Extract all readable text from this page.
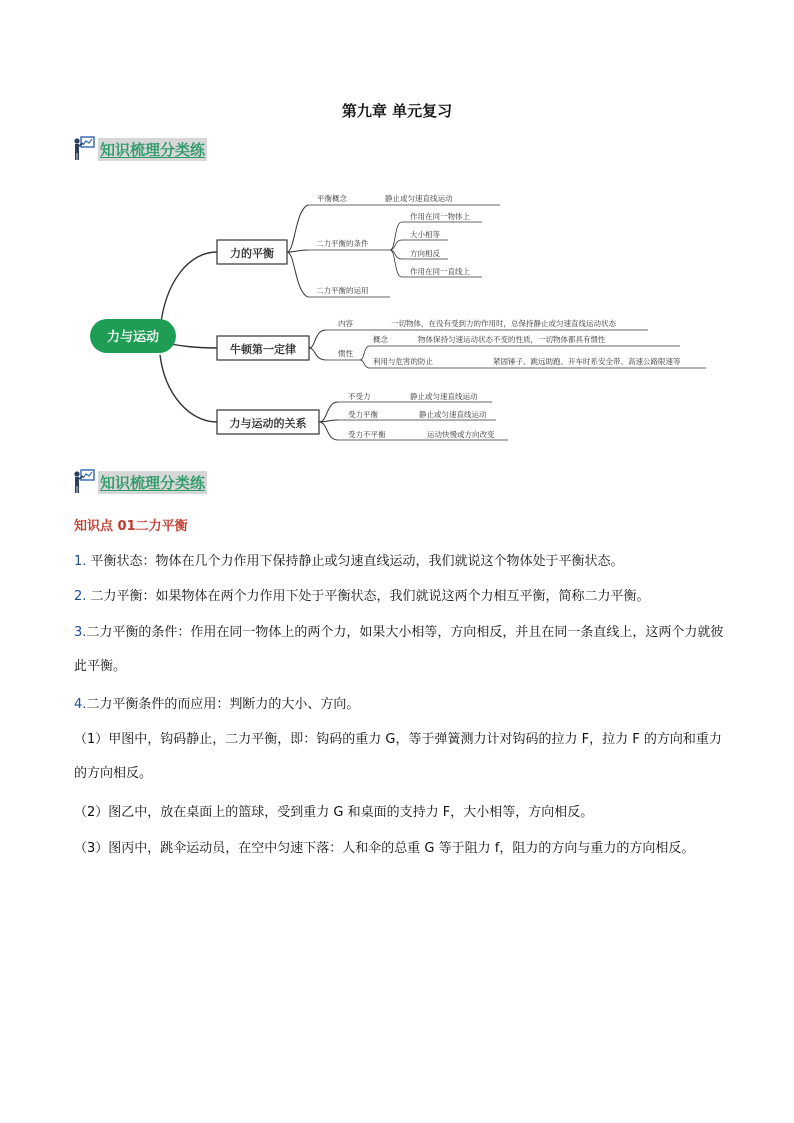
第九章 单元复习
知识梳理分类练
力与运动
力的平衡
平衡概念	静止或匀速直线运动
二力平衡的条件
作用在同一物体上
大小相等
方向相反
作用在同一直线上
二力平衡的运用
牛顿第一定律
内容	一切物体，在没有受到力的作用时，总保持静止或匀速直线运动状态
惯性
概念	物体保持匀速运动状态不变的性质，一切物体都具有惯性
利用与危害的防止	紧固锤子、跳远助跑、开车时系安全带、高速公路限速等
力与运动的关系
不受力	静止或匀速直线运动
受力平衡	静止或匀速直线运动
受力不平衡	运动快慢或方向改变
知识梳理分类练
知识点 01二力平衡
1. 平衡状态：物体在几个力作用下保持静止或匀速直线运动，我们就说这个物体处于平衡状态。
2. 二力平衡：如果物体在两个力作用下处于平衡状态，我们就说这两个力相互平衡，简称二力平衡。
3.二力平衡的条件：作用在同一物体上的两个力，如果大小相等，方向相反，并且在同一条直线上，这两个力就彼此平衡。
4.二力平衡条件的而应用：判断力的大小、方向。
（1）甲图中，钩码静止，二力平衡，即：钩码的重力 G，等于弹簧测力计对钩码的拉力 F，拉力 F 的方向和重力的方向相反。
（2）图乙中，放在桌面上的篮球，受到重力 G 和桌面的支持力 F，大小相等，方向相反。
（3）图丙中，跳伞运动员，在空中匀速下落：人和伞的总重 G 等于阻力 f，阻力的方向与重力的方向相反。
